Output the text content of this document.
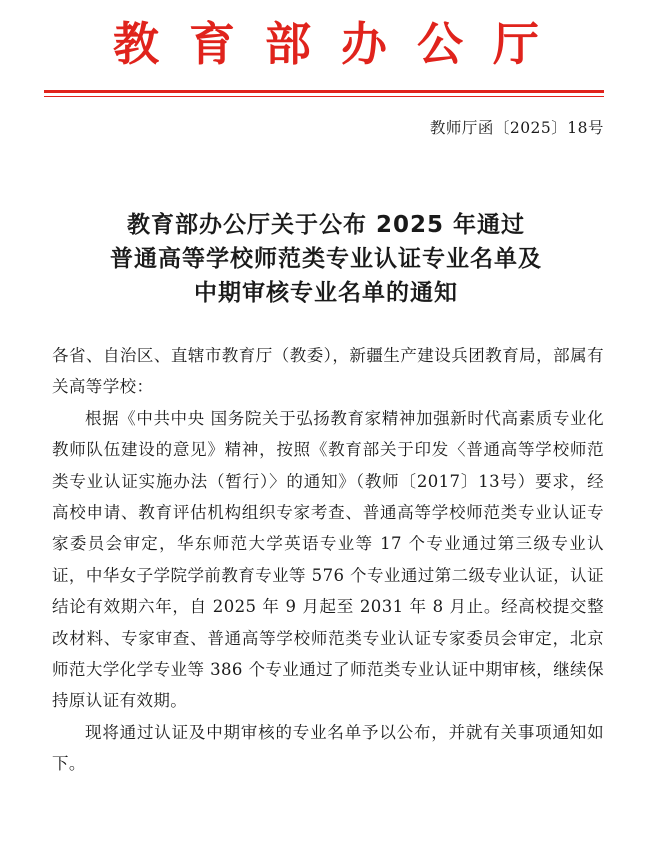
教育部办公厅
教师厅函〔2025〕18号
教育部办公厅关于公布 2025 年通过
普通高等学校师范类专业认证专业名单及
中期审核专业名单的通知

各省、自治区、直辖市教育厅（教委），新疆生产建设兵团教育局，部属有关高等学校：

根据《中共中央 国务院关于弘扬教育家精神加强新时代高素质专业化教师队伍建设的意见》精神，按照《教育部关于印发〈普通高等学校师范类专业认证实施办法（暂行）〉的通知》（教师〔2017〕13号）要求，经高校申请、教育评估机构组织专家考查、普通高等学校师范类专业认证专家委员会审定，华东师范大学英语专业等 17 个专业通过第三级专业认证，中华女子学院学前教育专业等 576 个专业通过第二级专业认证，认证结论有效期六年，自 2025 年 9 月起至 2031 年 8 月止。经高校提交整改材料、专家审查、普通高等学校师范类专业认证专家委员会审定，北京师范大学化学专业等 386 个专业通过了师范类专业认证中期审核，继续保持原认证有效期。

现将通过认证及中期审核的专业名单予以公布，并就有关事项通知如下。
